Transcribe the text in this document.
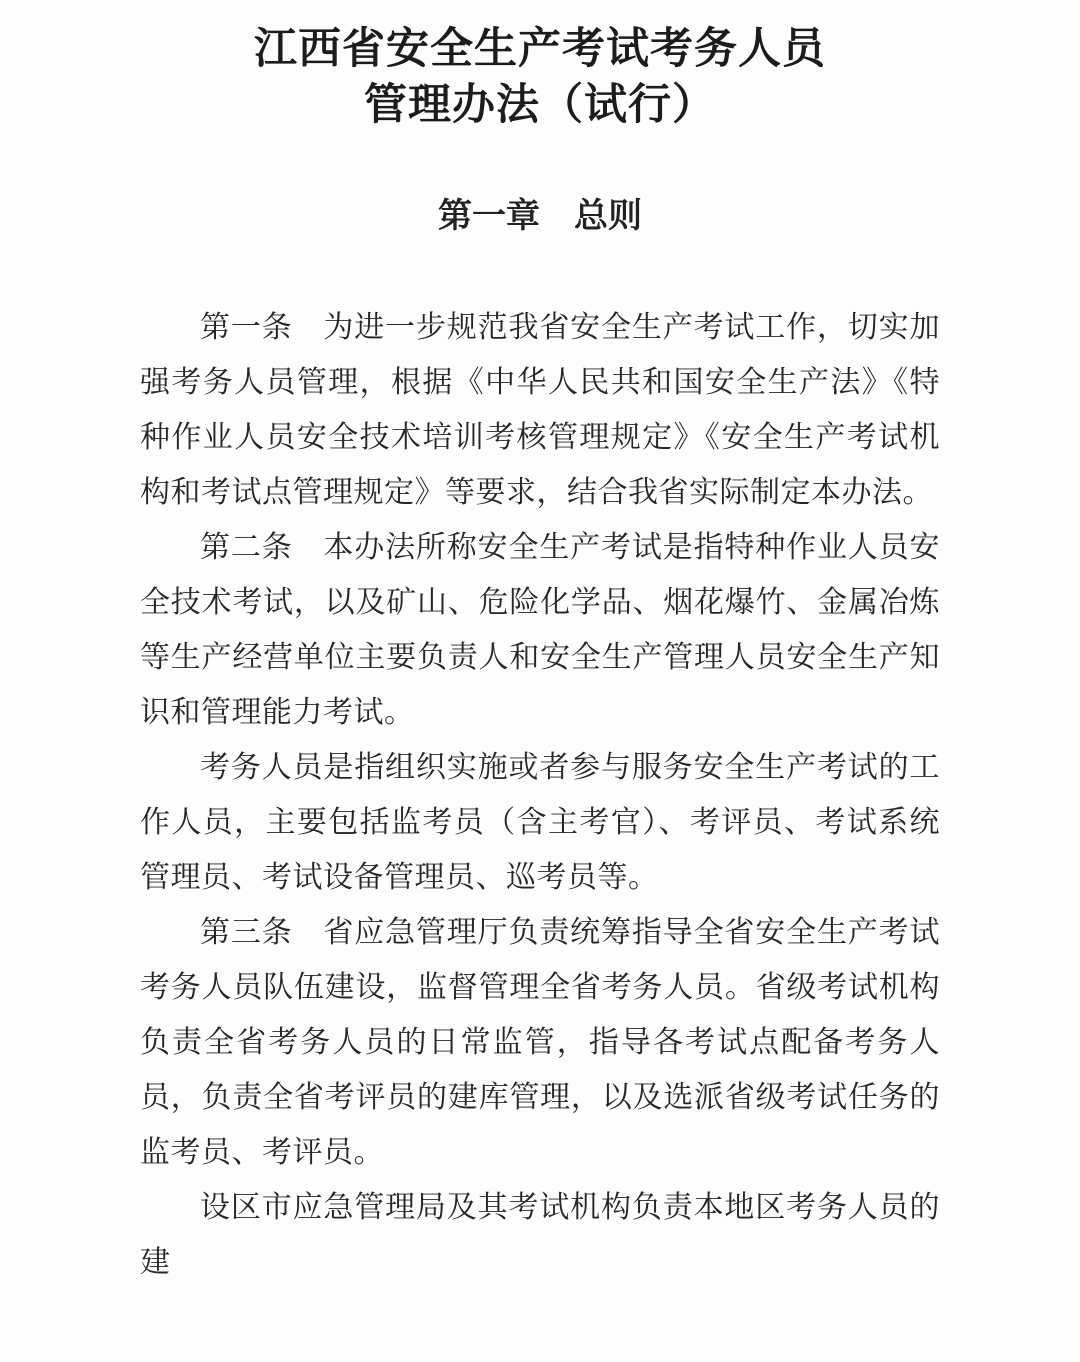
江西省安全生产考试考务人员
管理办法（试行）
第一章　总则

第一条　为进一步规范我省安全生产考试工作，切实加强考务人员管理，根据《中华人民共和国安全生产法》《特种作业人员安全技术培训考核管理规定》《安全生产考试机构和考试点管理规定》等要求，结合我省实际制定本办法。

第二条　本办法所称安全生产考试是指特种作业人员安全技术考试，以及矿山、危险化学品、烟花爆竹、金属冶炼等生产经营单位主要负责人和安全生产管理人员安全生产知识和管理能力考试。

考务人员是指组织实施或者参与服务安全生产考试的工作人员，主要包括监考员（含主考官）、考评员、考试系统管理员、考试设备管理员、巡考员等。

第三条　省应急管理厅负责统筹指导全省安全生产考试考务人员队伍建设，监督管理全省考务人员。省级考试机构负责全省考务人员的日常监管，指导各考试点配备考务人员，负责全省考评员的建库管理，以及选派省级考试任务的监考员、考评员。

设区市应急管理局及其考试机构负责本地区考务人员的建
